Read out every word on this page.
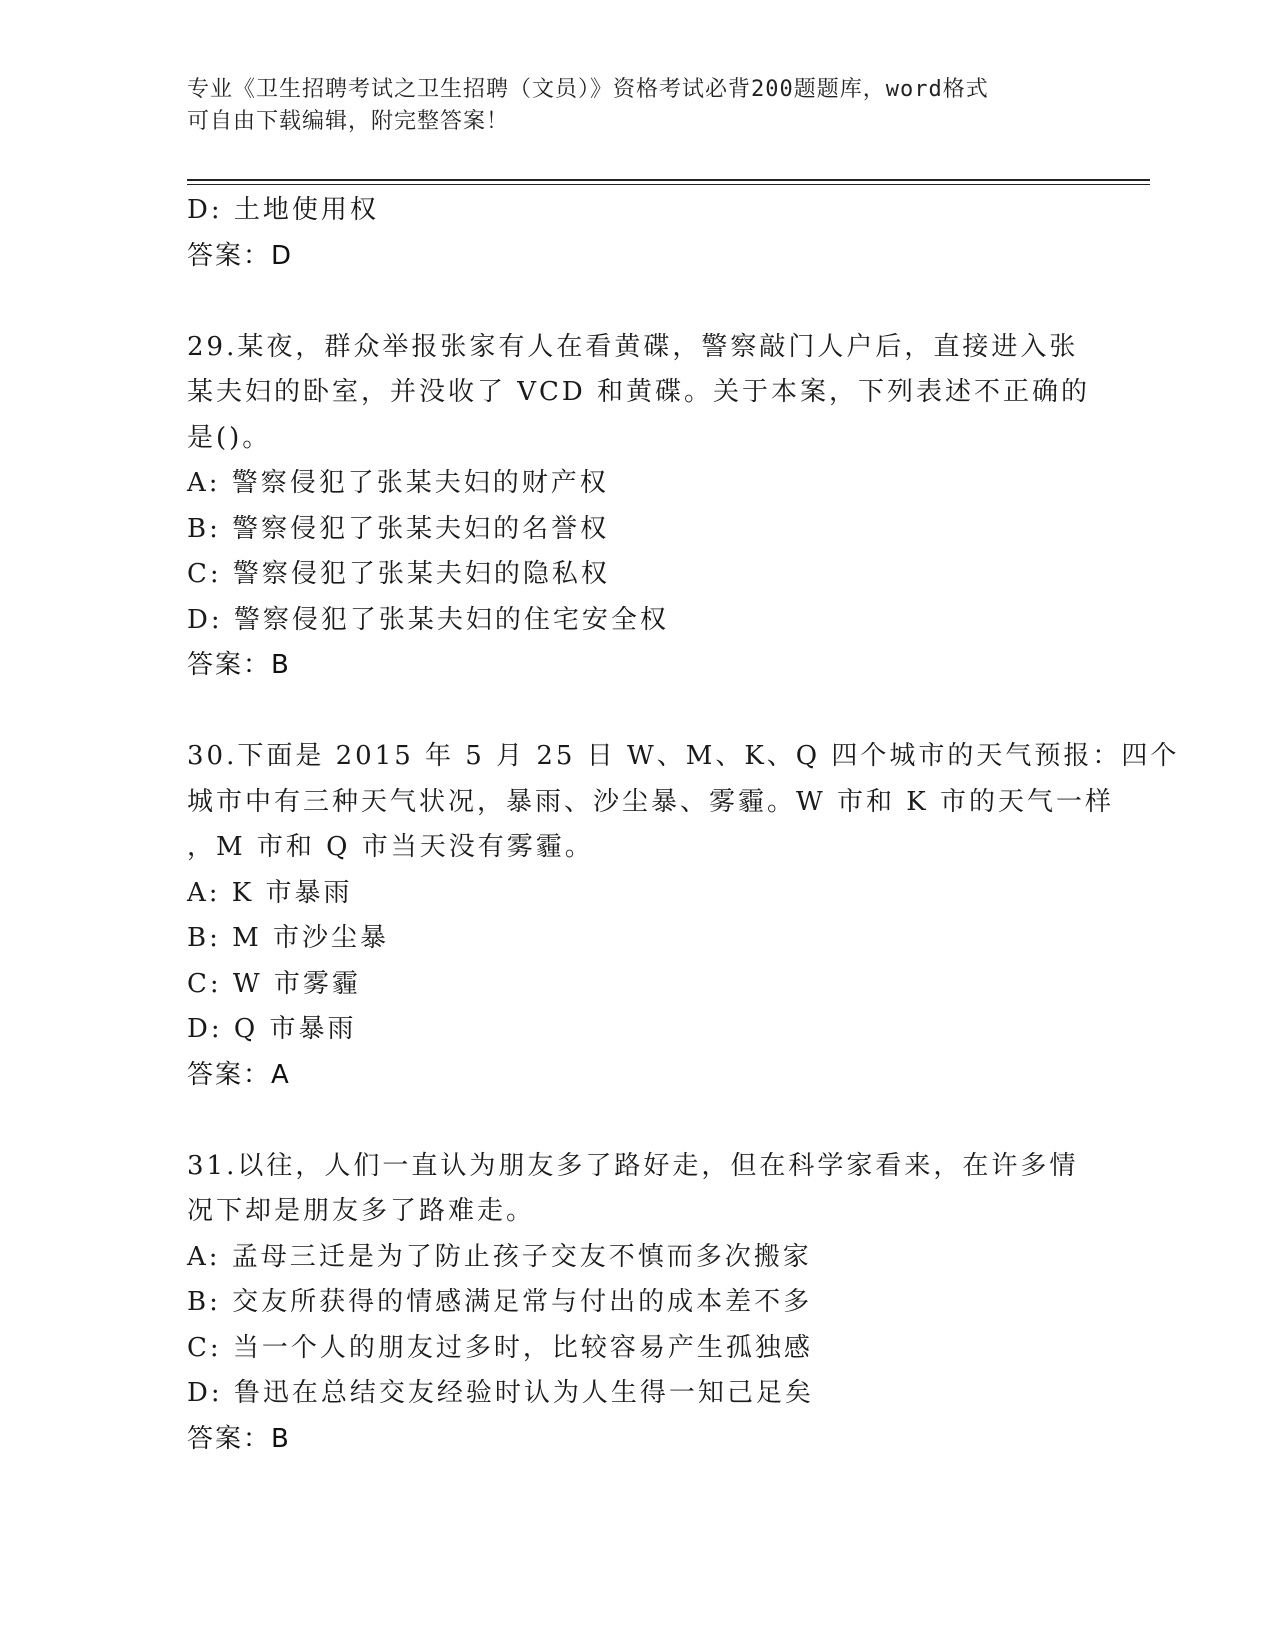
专业《卫生招聘考试之卫生招聘（文员）》资格考试必背200题题库，word格式
可自由下载编辑，附完整答案！
D: 土地使用权
答案：D
29.某夜，群众举报张家有人在看黄碟，警察敲门人户后，直接进入张
某夫妇的卧室，并没收了 VCD 和黄碟。关于本案，下列表述不正确的
是()。
A: 警察侵犯了张某夫妇的财产权
B: 警察侵犯了张某夫妇的名誉权
C: 警察侵犯了张某夫妇的隐私权
D: 警察侵犯了张某夫妇的住宅安全权
答案：B
30.下面是 2015 年 5 月 25 日 W、M、K、Q 四个城市的天气预报：四个
城市中有三种天气状况，暴雨、沙尘暴、雾霾。W 市和 K 市的天气一样
，M 市和 Q 市当天没有雾霾。
A: K 市暴雨
B: M 市沙尘暴
C: W 市雾霾
D: Q 市暴雨
答案：A
31.以往，人们一直认为朋友多了路好走，但在科学家看来，在许多情
况下却是朋友多了路难走。
A: 孟母三迁是为了防止孩子交友不慎而多次搬家
B: 交友所获得的情感满足常与付出的成本差不多
C: 当一个人的朋友过多时，比较容易产生孤独感
D: 鲁迅在总结交友经验时认为人生得一知己足矣
答案：B
